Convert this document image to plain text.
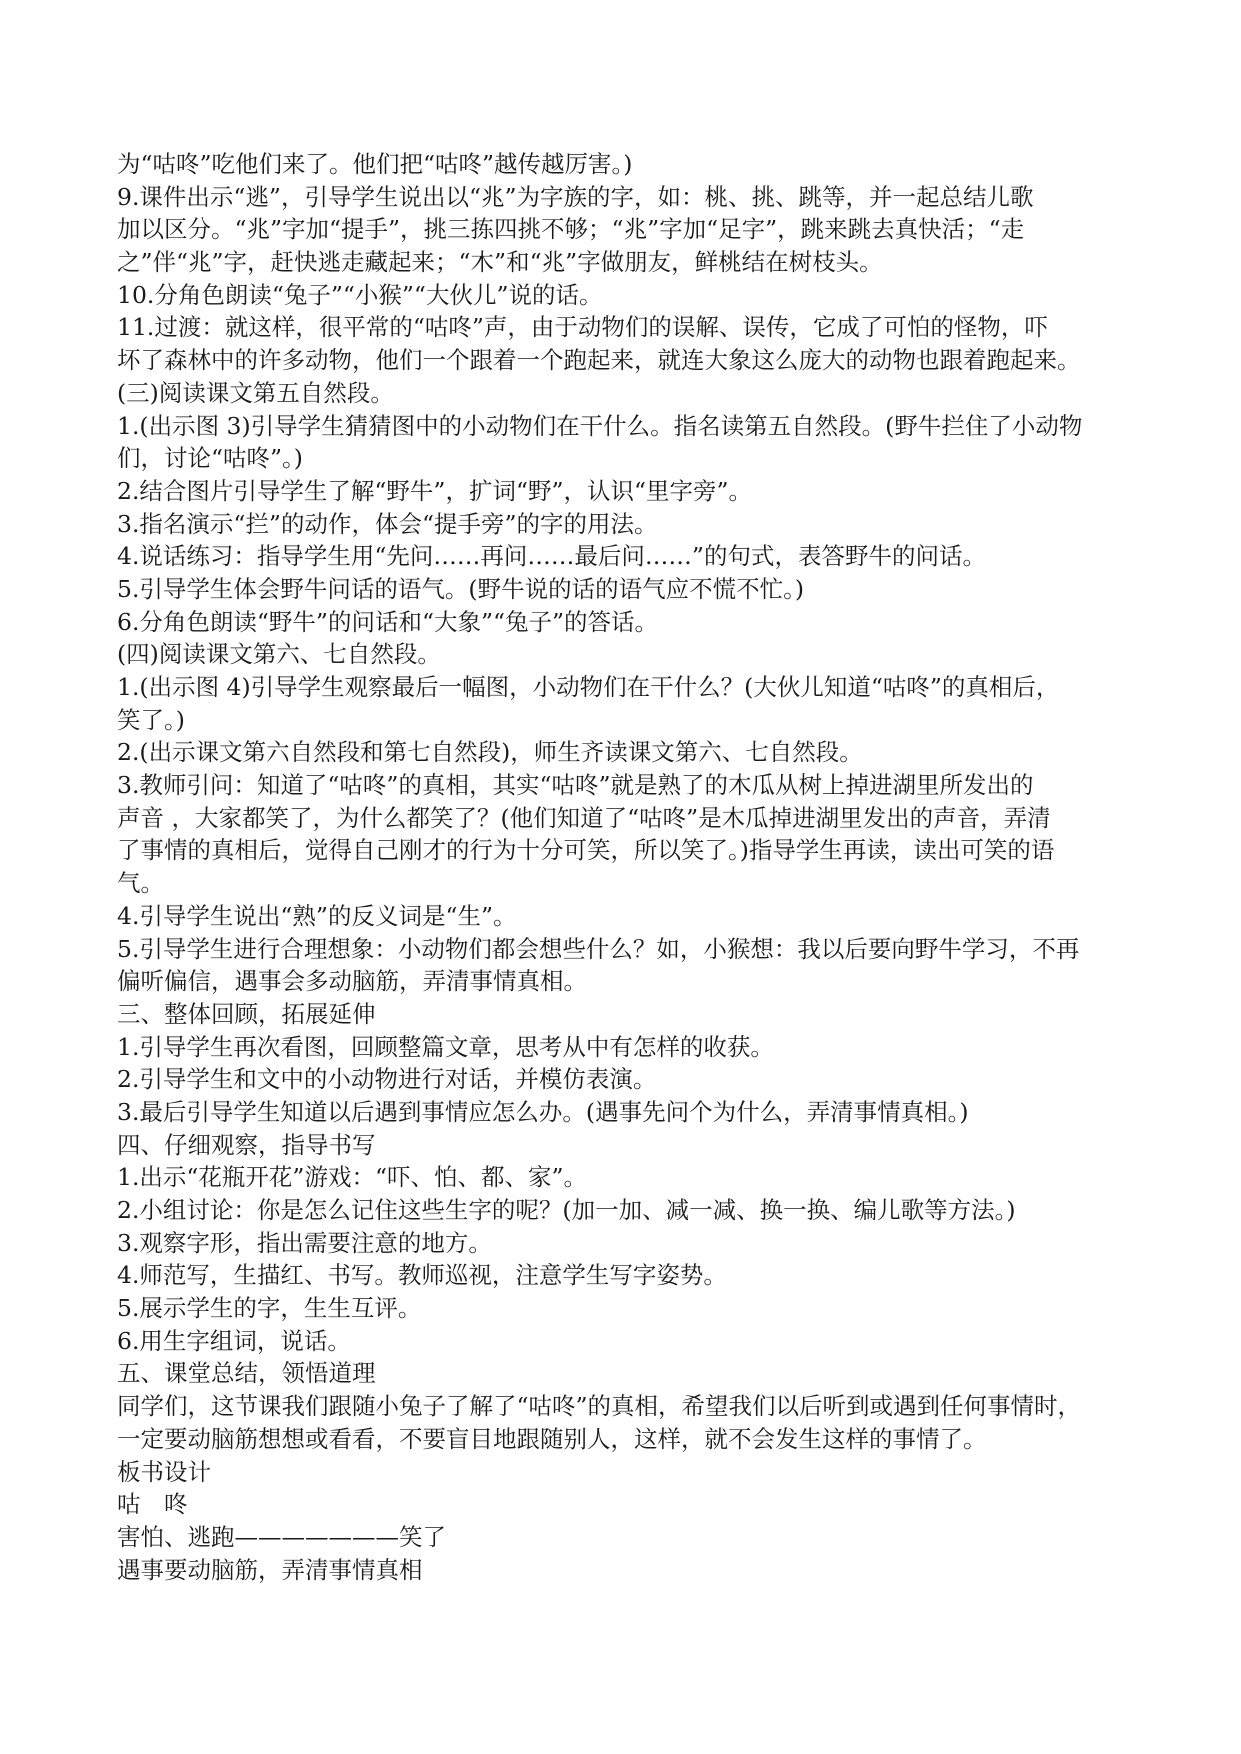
为“咕咚”吃他们来了。他们把“咕咚”越传越厉害。)
9.课件出示“逃”，引导学生说出以“兆”为字族的字，如：桃、挑、跳等，并一起总结儿歌
加以区分。“兆”字加“提手”，挑三拣四挑不够；“兆”字加“足字”，跳来跳去真快活；“走
之”伴“兆”字，赶快逃走藏起来；“木”和“兆”字做朋友，鲜桃结在树枝头。
10.分角色朗读“兔子”“小猴”“大伙儿”说的话。
11.过渡：就这样，很平常的“咕咚”声，由于动物们的误解、误传，它成了可怕的怪物，吓
坏了森林中的许多动物，他们一个跟着一个跑起来，就连大象这么庞大的动物也跟着跑起来。
(三)阅读课文第五自然段。
1.(出示图 3)引导学生猜猜图中的小动物们在干什么。指名读第五自然段。(野牛拦住了小动物
们，讨论“咕咚”。)
2.结合图片引导学生了解“野牛”，扩词“野”，认识“里字旁”。
3.指名演示“拦”的动作，体会“提手旁”的字的用法。
4.说话练习：指导学生用“先问……再问……最后问……”的句式，表答野牛的问话。
5.引导学生体会野牛问话的语气。(野牛说的话的语气应不慌不忙。)
6.分角色朗读“野牛”的问话和“大象”“兔子”的答话。
(四)阅读课文第六、七自然段。
1.(出示图 4)引导学生观察最后一幅图，小动物们在干什么？(大伙儿知道“咕咚”的真相后，
笑了。)
2.(出示课文第六自然段和第七自然段)，师生齐读课文第六、七自然段。
3.教师引问：知道了“咕咚”的真相，其实“咕咚”就是熟了的木瓜从树上掉进湖里所发出的
声音 ，大家都笑了，为什么都笑了？(他们知道了“咕咚”是木瓜掉进湖里发出的声音，弄清
了事情的真相后，觉得自己刚才的行为十分可笑，所以笑了。)指导学生再读，读出可笑的语
气。
4.引导学生说出“熟”的反义词是“生”。
5.引导学生进行合理想象：小动物们都会想些什么？如，小猴想：我以后要向野牛学习，不再
偏听偏信，遇事会多动脑筋，弄清事情真相。
三、整体回顾，拓展延伸
1.引导学生再次看图，回顾整篇文章，思考从中有怎样的收获。
2.引导学生和文中的小动物进行对话，并模仿表演。
3.最后引导学生知道以后遇到事情应怎么办。(遇事先问个为什么，弄清事情真相。)
四、仔细观察，指导书写
1.出示“花瓶开花”游戏：“吓、怕、都、家”。
2.小组讨论：你是怎么记住这些生字的呢？(加一加、减一减、换一换、编儿歌等方法。)
3.观察字形，指出需要注意的地方。
4.师范写，生描红、书写。教师巡视，注意学生写字姿势。
5.展示学生的字，生生互评。
6.用生字组词，说话。
五、课堂总结，领悟道理
同学们，这节课我们跟随小兔子了解了“咕咚”的真相，希望我们以后听到或遇到任何事情时，
一定要动脑筋想想或看看，不要盲目地跟随别人，这样，就不会发生这样的事情了。
板书设计
咕　咚
害怕、逃跑———————笑了
遇事要动脑筋，弄清事情真相
